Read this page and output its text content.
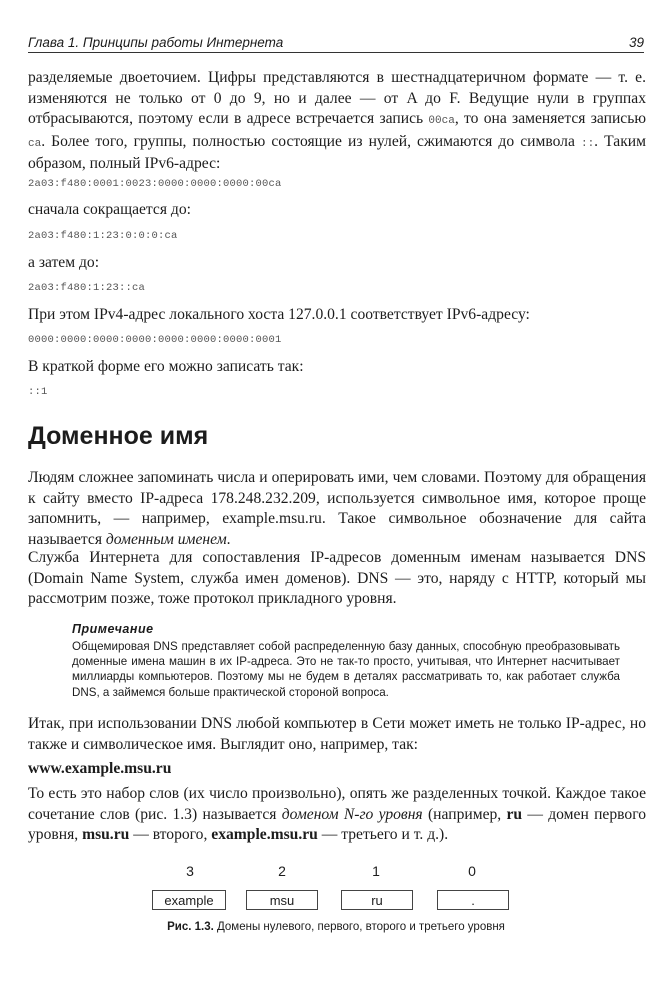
Глава 1. Принципы работы Интернета	39

разделяемые двоеточием. Цифры представляются в шестнадцатеричном формате — т. е. изменяются не только от 0 до 9, но и далее — от A до F. Ведущие нули в группах отбрасываются, поэтому если в адресе встречается запись 00ca, то она заменяется записью ca. Более того, группы, полностью состоящие из нулей, сжимаются до символа ::. Таким образом, полный IPv6-адрес:

2a03:f480:0001:0023:0000:0000:0000:00ca

сначала сокращается до:

2a03:f480:1:23:0:0:0:ca

а затем до:

2a03:f480:1:23::ca

При этом IPv4-адрес локального хоста 127.0.0.1 соответствует IPv6-адресу:

0000:0000:0000:0000:0000:0000:0000:0001

В краткой форме его можно записать так:

::1

Доменное имя

Людям сложнее запоминать числа и оперировать ими, чем словами. Поэтому для обращения к сайту вместо IP-адреса 178.248.232.209, используется символьное имя, которое проще запомнить, — например, example.msu.ru. Такое символьное обозначение для сайта называется доменным именем.

Служба Интернета для сопоставления IP-адресов доменным именам называется DNS (Domain Name System, служба имен доменов). DNS — это, наряду с HTTP, который мы рассмотрим позже, тоже протокол прикладного уровня.

Примечание

Общемировая DNS представляет собой распределенную базу данных, способную преобразовывать доменные имена машин в их IP-адреса. Это не так-то просто, учитывая, что Интернет насчитывает миллиарды компьютеров. Поэтому мы не будем в деталях рассматривать то, как работает служба DNS, а займемся больше практической стороной вопроса.

Итак, при использовании DNS любой компьютер в Сети может иметь не только IP-адрес, но также и символическое имя. Выглядит оно, например, так:

www.example.msu.ru

То есть это набор слов (их число произвольно), опять же разделенных точкой. Каждое такое сочетание слов (рис. 1.3) называется доменом N-го уровня (например, ru — домен первого уровня, msu.ru — второго, example.msu.ru — третьего и т. д.).

3	2	1	0
example	msu	ru	.
Рис. 1.3. Домены нулевого, первого, второго и третьего уровня
